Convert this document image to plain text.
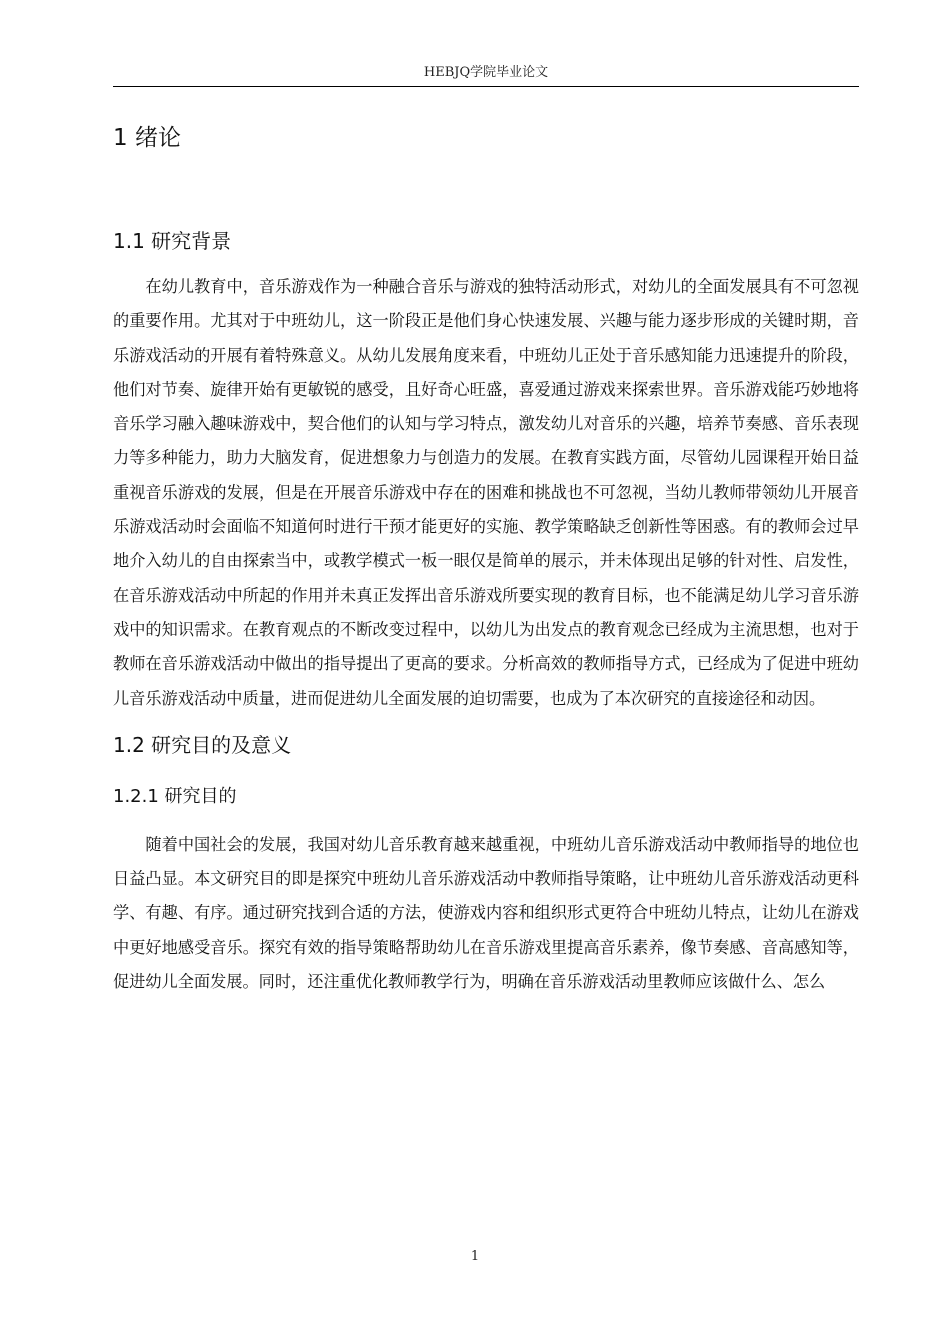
HEBJQ学院毕业论文
1 绪论
1.1 研究背景

在幼儿教育中，音乐游戏作为一种融合音乐与游戏的独特活动形式，对幼儿的全面发展具有不可忽视的重要作用。尤其对于中班幼儿，这一阶段正是他们身心快速发展、兴趣与能力逐步形成的关键时期，音乐游戏活动的开展有着特殊意义。从幼儿发展角度来看，中班幼儿正处于音乐感知能力迅速提升的阶段，他们对节奏、旋律开始有更敏锐的感受，且好奇心旺盛，喜爱通过游戏来探索世界。音乐游戏能巧妙地将音乐学习融入趣味游戏中，契合他们的认知与学习特点，激发幼儿对音乐的兴趣，培养节奏感、音乐表现力等多种能力，助力大脑发育，促进想象力与创造力的发展。在教育实践方面，尽管幼儿园课程开始日益重视音乐游戏的发展，但是在开展音乐游戏中存在的困难和挑战也不可忽视，当幼儿教师带领幼儿开展音乐游戏活动时会面临不知道何时进行干预才能更好的实施、教学策略缺乏创新性等困惑。有的教师会过早地介入幼儿的自由探索当中，或教学模式一板一眼仅是简单的展示，并未体现出足够的针对性、启发性，在音乐游戏活动中所起的作用并未真正发挥出音乐游戏所要实现的教育目标，也不能满足幼儿学习音乐游戏中的知识需求。在教育观点的不断改变过程中，以幼儿为出发点的教育观念已经成为主流思想，也对于教师在音乐游戏活动中做出的指导提出了更高的要求。分析高效的教师指导方式，已经成为了促进中班幼儿音乐游戏活动中质量，进而促进幼儿全面发展的迫切需要，也成为了本次研究的直接途径和动因。

1.2 研究目的及意义
1.2.1 研究目的

随着中国社会的发展，我国对幼儿音乐教育越来越重视，中班幼儿音乐游戏活动中教师指导的地位也日益凸显。本文研究目的即是探究中班幼儿音乐游戏活动中教师指导策略，让中班幼儿音乐游戏活动更科学、有趣、有序。通过研究找到合适的方法，使游戏内容和组织形式更符合中班幼儿特点，让幼儿在游戏中更好地感受音乐。探究有效的指导策略帮助幼儿在音乐游戏里提高音乐素养，像节奏感、音高感知等，促进幼儿全面发展。同时，还注重优化教师教学行为，明确在音乐游戏活动里教师应该做什么、怎么

1
